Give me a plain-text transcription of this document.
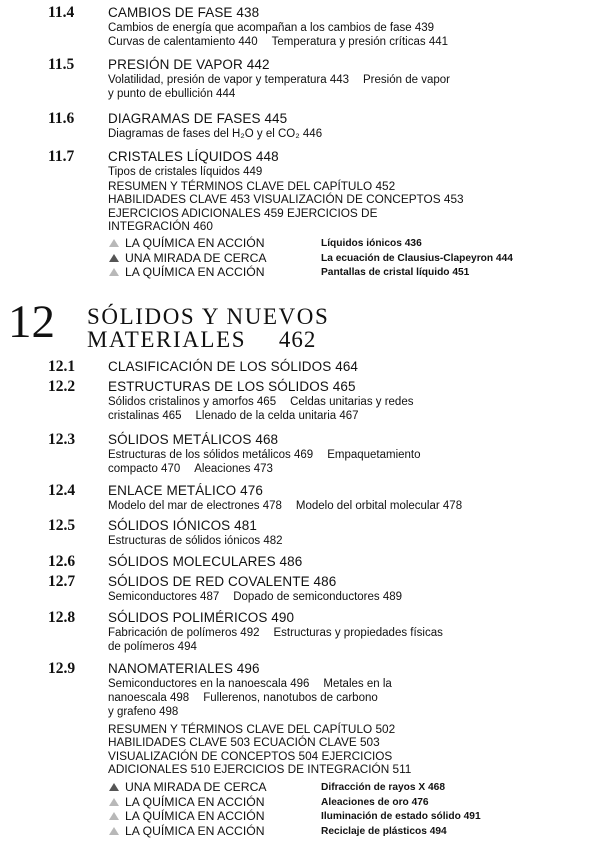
11.4 CAMBIOS DE FASE 438
Cambios de energía que acompañan a los cambios de fase 439
Curvas de calentamiento 440 Temperatura y presión críticas 441
11.5 PRESIÓN DE VAPOR 442
Volatilidad, presión de vapor y temperatura 443 Presión de vapor
y punto de ebullición 444
11.6 DIAGRAMAS DE FASES 445
Diagramas de fases del H₂O y el CO₂ 446
11.7 CRISTALES LÍQUIDOS 448
Tipos de cristales líquidos 449
RESUMEN Y TÉRMINOS CLAVE DEL CAPÍTULO 452
HABILIDADES CLAVE 453 VISUALIZACIÓN DE CONCEPTOS 453
EJERCICIOS ADICIONALES 459 EJERCICIOS DE
INTEGRACIÓN 460
LA QUÍMICA EN ACCIÓN	Líquidos iónicos 436
UNA MIRADA DE CERCA	La ecuación de Clausius-Clapeyron 444
LA QUÍMICA EN ACCIÓN	Pantallas de cristal líquido 451
12 SÓLIDOS Y NUEVOS
MATERIALES 462
12.1 CLASIFICACIÓN DE LOS SÓLIDOS 464
12.2 ESTRUCTURAS DE LOS SÓLIDOS 465
Sólidos cristalinos y amorfos 465 Celdas unitarias y redes
cristalinas 465 Llenado de la celda unitaria 467
12.3 SÓLIDOS METÁLICOS 468
Estructuras de los sólidos metálicos 469 Empaquetamiento
compacto 470 Aleaciones 473
12.4 ENLACE METÁLICO 476
Modelo del mar de electrones 478 Modelo del orbital molecular 478
12.5 SÓLIDOS IÓNICOS 481
Estructuras de sólidos iónicos 482
12.6 SÓLIDOS MOLECULARES 486
12.7 SÓLIDOS DE RED COVALENTE 486
Semiconductores 487 Dopado de semiconductores 489
12.8 SÓLIDOS POLIMÉRICOS 490
Fabricación de polímeros 492 Estructuras y propiedades físicas
de polímeros 494
12.9 NANOMATERIALES 496
Semiconductores en la nanoescala 496 Metales en la
nanoescala 498 Fullerenos, nanotubos de carbono
y grafeno 498
RESUMEN Y TÉRMINOS CLAVE DEL CAPÍTULO 502
HABILIDADES CLAVE 503 ECUACIÓN CLAVE 503
VISUALIZACIÓN DE CONCEPTOS 504 EJERCICIOS
ADICIONALES 510 EJERCICIOS DE INTEGRACIÓN 511
UNA MIRADA DE CERCA	Difracción de rayos X 468
LA QUÍMICA EN ACCIÓN	Aleaciones de oro 476
LA QUÍMICA EN ACCIÓN	Iluminación de estado sólido 491
LA QUÍMICA EN ACCIÓN	Reciclaje de plásticos 494
